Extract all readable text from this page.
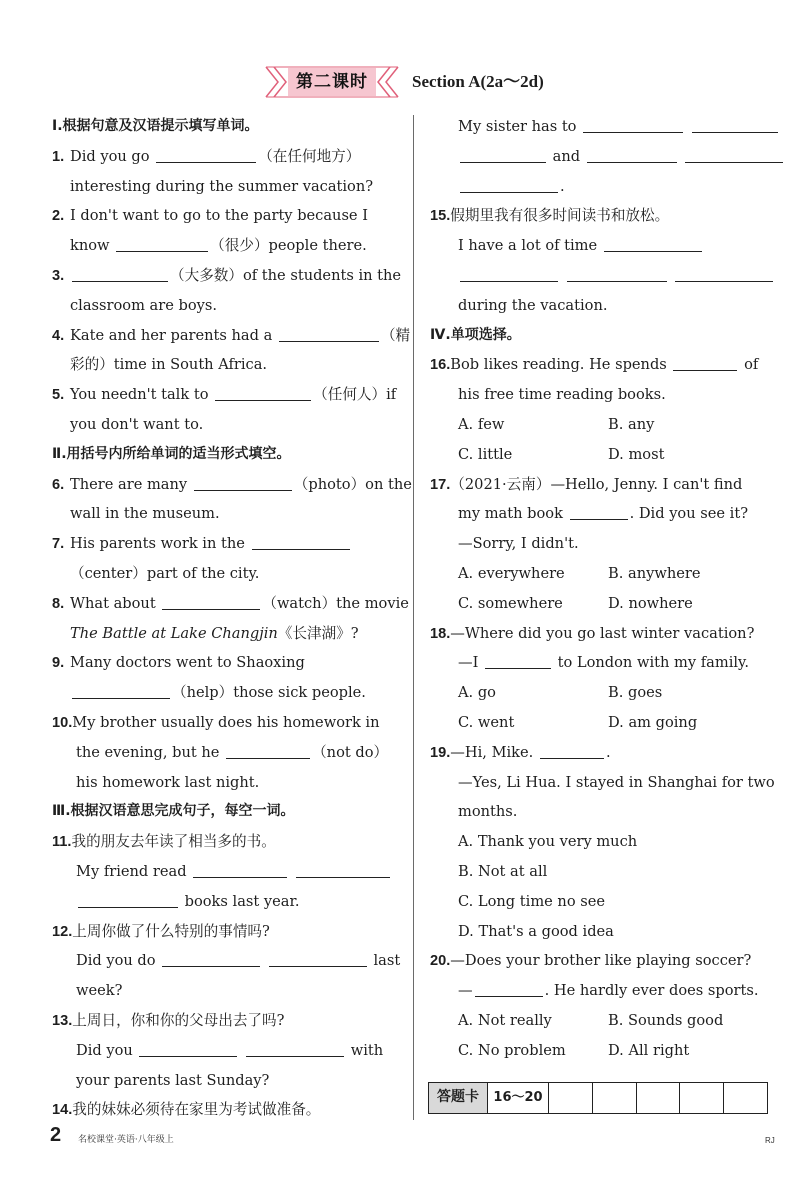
第二课时	Section A(2a～2d)
Ⅰ.根据句意及汉语提示填写单词。
1. Did you go	（在任何地方）
interesting during the summer vacation?
2. I don't want to go to the party because I
know	（很少）people there.
3.	（大多数）of the students in the
classroom are boys.
4. Kate and her parents had a	（精
彩的）time in South Africa.
5. You needn't talk to	（任何人）if
you don't want to.
Ⅱ.用括号内所给单词的适当形式填空。
6. There are many	（photo）on the
wall in the museum.
7. His parents work in the
（center）part of the city.
8. What about	（watch）the movie
The Battle at Lake Changjin《长津湖》?
9. Many doctors went to Shaoxing
（help）those sick people.
10.My brother usually does his homework in
the evening, but he	（not do）
his homework last night.
Ⅲ.根据汉语意思完成句子，每空一词。
11.我的朋友去年读了相当多的书。
My friend read
books last year.
12.上周你做了什么特别的事情吗?
Did you do	last
week?
13.上周日，你和你的父母出去了吗?
Did you	with
your parents last Sunday?
14.我的妹妹必须待在家里为考试做准备。
My sister has to
and
.
15.假期里我有很多时间读书和放松。
I have a lot of time

during the vacation.
Ⅳ.单项选择。
16.Bob likes reading. He spends	of
his free time reading books.
A. few	B. any
C. little	D. most
17.（2021·云南）—Hello, Jenny. I can't find
my math book	. Did you see it?
—Sorry, I didn't.
A. everywhere	B. anywhere
C. somewhere	D. nowhere
18.—Where did you go last winter vacation?
—I	to London with my family.
A. go	B. goes
C. went	D. am going
19.—Hi, Mike.	.
—Yes, Li Hua. I stayed in Shanghai for two
months.
A. Thank you very much
B. Not at all
C. Long time no see
D. That's a good idea
20.—Does your brother like playing soccer?
—	. He hardly ever does sports.
A. Not really	B. Sounds good
C. No problem	D. All right
答题卡	16～20
2 名校课堂·英语·八年级上	RJ
